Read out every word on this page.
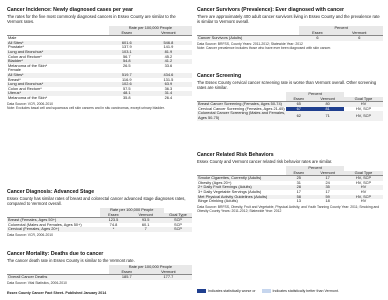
Cancer Incidence: Newly diagnosed cases per year
The rates for the five most commonly diagnosed cancers in Essex County are similar to the Vermont rates.
	Rate per 100,000 People	
	Essex	Vermont
Male		
All Sites*	601.6	546.8
Prostate*	137.9	141.9
Lung and Bronchus*	103.1	81.9
Colon and Rectum*	56.7	45.2
Bladder*	54.8	41.2
Melanoma of the Skin*	26.5	33.6
Female		
All Sites*	519.7	434.6
Breast*	116.9	131.5
Lung and Bronchus*	102.6	63.9
Colon and Rectum*	57.5	36.3
Uterus*	48.1	31.4
Melanoma of the Skin*	35.8	26.4
Data Source: VCR, 2006-2010
Note: Excludes basal cell and squamous cell skin cancers and in situ carcinomas, except urinary bladder.
Cancer Diagnosis: Advanced Stage
Essex County has similar rates of breast and colorectal cancer advanced stage diagnoses rates, compared to Vermont overall.
	Rate per 100,000 People		
	Essex	Vermont	Goal Type
Breast (Females, Ages 50+)	123.5	93.5	SCP
Colorectal (Males and Females, Ages 50+)	74.8	60.1	SCP
Cervical (Females, Ages 20+)	*	7	SCP
Data Source: VCR, 2006-2010
Cancer Mortality: Deaths due to cancer
The cancer death rate in Essex County is similar to the Vermont rate.
	Rate per 100,000 People	
	Essex	Vermont
Overall Cancer Deaths	185.7	177.7
Data Source: Vital Statistics, 2006-2010
Essex County Cancer Fact Sheet- Published January 2014
Cancer Survivors (Prevalence): Ever diagnosed with cancer
There are approximately 400 adult cancer survivors living in Essex County and the prevalence rate is similar to Vermont overall.
	Percent	
	Essex	Vermont
Cancer Survivors (Adults)	6	6
Data Source: BRFSS, County Years: 2011-2012; Statewide Year: 2012
Note: Cancer prevalence includes those who have ever been diagnosed with skin cancer.
Cancer Screening
The Essex County cervical cancer screening rate is worse than Vermont overall. Other screening rates are similar.
	Percent		
	Essex	Vermont	Goal Type
Breast Cancer Screening (Females, Ages 50-74)	65	80	HV
Cervical Cancer Screening (Females, Ages 21-65)	67	81	HV, SCP
Colorectal Cancer Screening (Males and Females, Ages 50-75)	62	71	HV, SCP
Cancer Related Risk Behaviors
Essex County and Vermont cancer related risk behavior rates are similar.
	Percent		
	Essex	Vermont	Goal Type
Smoke Cigarettes, Currently (Adults)	25	17	HV, SCP
Obesity (Ages 20+)	31	24	HV, SCP
2+ Daily Fruit Servings (Adults)	28	35	HV
3+ Daily Vegetable Servings (Adults)	17	17	HV
Met Physical Activity Guidelines (Adults)	58	59	HV, SCP
Binge Drinking (Adults)	13	18	HV
Data Source: BRFSS, Obesity, Fruit and Vegetable, Physical Activity, and Youth Tanning County Year: 2011; Smoking and Obesity County Years: 2011-2012; Statewide Year: 2012
Indicates statistically worse or	Indicates statistically better than Vermont.
